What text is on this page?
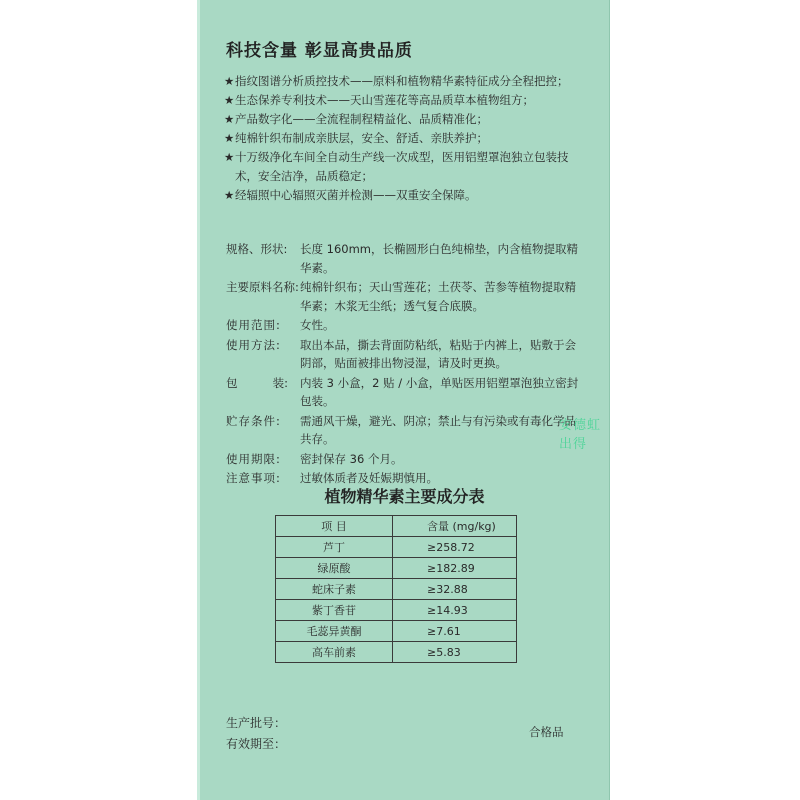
科技含量 彰显高贵品质
★ 指纹图谱分析质控技术——原料和植物精华素特征成分全程把控；
★ 生态保养专利技术——天山雪莲花等高品质草本植物组方；
★ 产品数字化——全流程制程精益化、品质精准化；
★ 纯棉针织布制成亲肤层，安全、舒适、亲肤养护；
★ 十万级净化车间全自动生产线一次成型，医用铝塑罩泡独立包装技术，安全洁净，品质稳定；
★ 经辐照中心辐照灭菌并检测——双重安全保障。
规格、形状:	长度 160mm，长椭圆形白色纯棉垫，内含植物提取精华素。
主要原料名称: 纯棉针织布；天山雪莲花；土茯苓、苦参等植物提取精华素；木浆无尘纸；透气复合底膜。
使用范围:	女性。
使用方法:	取出本品，撕去背面防粘纸，粘贴于内裤上，贴敷于会阴部，贴面被排出物浸湿，请及时更换。
包	装: 内装 3 小盒，2 贴 / 小盒，单贴医用铝塑罩泡独立密封包装。
贮存条件:	需通风干燥，避光、阴凉；禁止与有污染或有毒化学品共存。
使用期限:	密封保存 36 个月。
注意事项:	过敏体质者及妊娠期慎用。
植物精华素主要成分表
项 目	含量 (mg/kg)
芦丁	≥258.72
绿原酸	≥182.89
蛇床子素	≥32.88
紫丁香苷	≥14.93
毛蕊异黄酮	≥7.61
高车前素	≥5.83
生产批号：
有效期至：
合格品
安德虹出得
